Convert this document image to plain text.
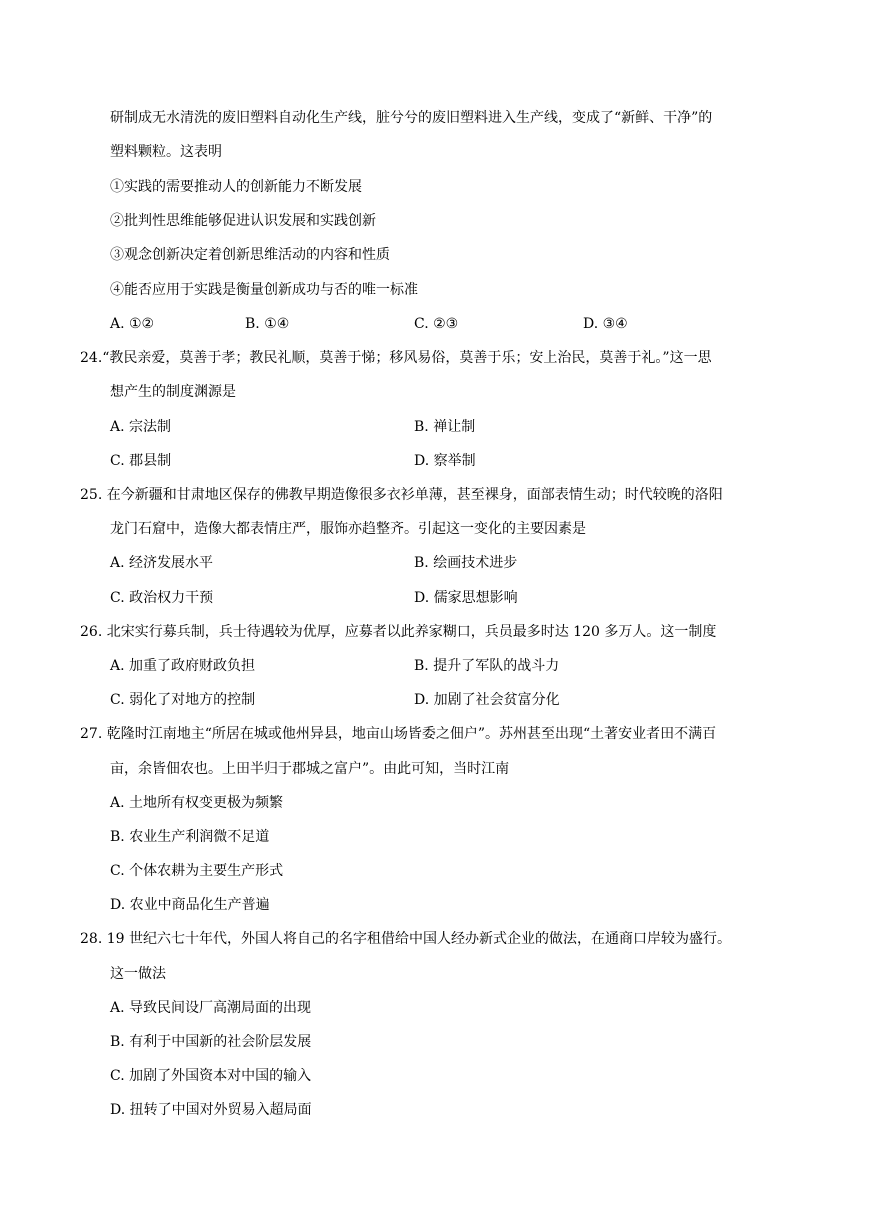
研制成无水清洗的废旧塑料自动化生产线，脏兮兮的废旧塑料进入生产线，变成了“新鲜、干净”的
塑料颗粒。这表明
①实践的需要推动人的创新能力不断发展
②批判性思维能够促进认识发展和实践创新
③观念创新决定着创新思维活动的内容和性质
④能否应用于实践是衡量创新成功与否的唯一标准
A. ①②	B. ①④	C. ②③	D. ③④
24.“教民亲爱，莫善于孝；教民礼顺，莫善于悌；移风易俗，莫善于乐；安上治民，莫善于礼。”这一思
想产生的制度渊源是
A. 宗法制	B. 禅让制
C. 郡县制	D. 察举制
25. 在今新疆和甘肃地区保存的佛教早期造像很多衣衫单薄，甚至裸身，面部表情生动；时代较晚的洛阳
龙门石窟中，造像大都表情庄严，服饰亦趋整齐。引起这一变化的主要因素是
A. 经济发展水平	B. 绘画技术进步
C. 政治权力干预	D. 儒家思想影响
26. 北宋实行募兵制，兵士待遇较为优厚，应募者以此养家糊口，兵员最多时达 120 多万人。这一制度
A. 加重了政府财政负担	B. 提升了军队的战斗力
C. 弱化了对地方的控制	D. 加剧了社会贫富分化
27. 乾隆时江南地主“所居在城或他州异县，地亩山场皆委之佃户”。苏州甚至出现“土著安业者田不满百
亩，余皆佃农也。上田半归于郡城之富户”。由此可知，当时江南
A. 土地所有权变更极为频繁
B. 农业生产利润微不足道
C. 个体农耕为主要生产形式
D. 农业中商品化生产普遍
28. 19 世纪六七十年代，外国人将自己的名字租借给中国人经办新式企业的做法，在通商口岸较为盛行。
这一做法
A. 导致民间设厂高潮局面的出现
B. 有利于中国新的社会阶层发展
C. 加剧了外国资本对中国的输入
D. 扭转了中国对外贸易入超局面
